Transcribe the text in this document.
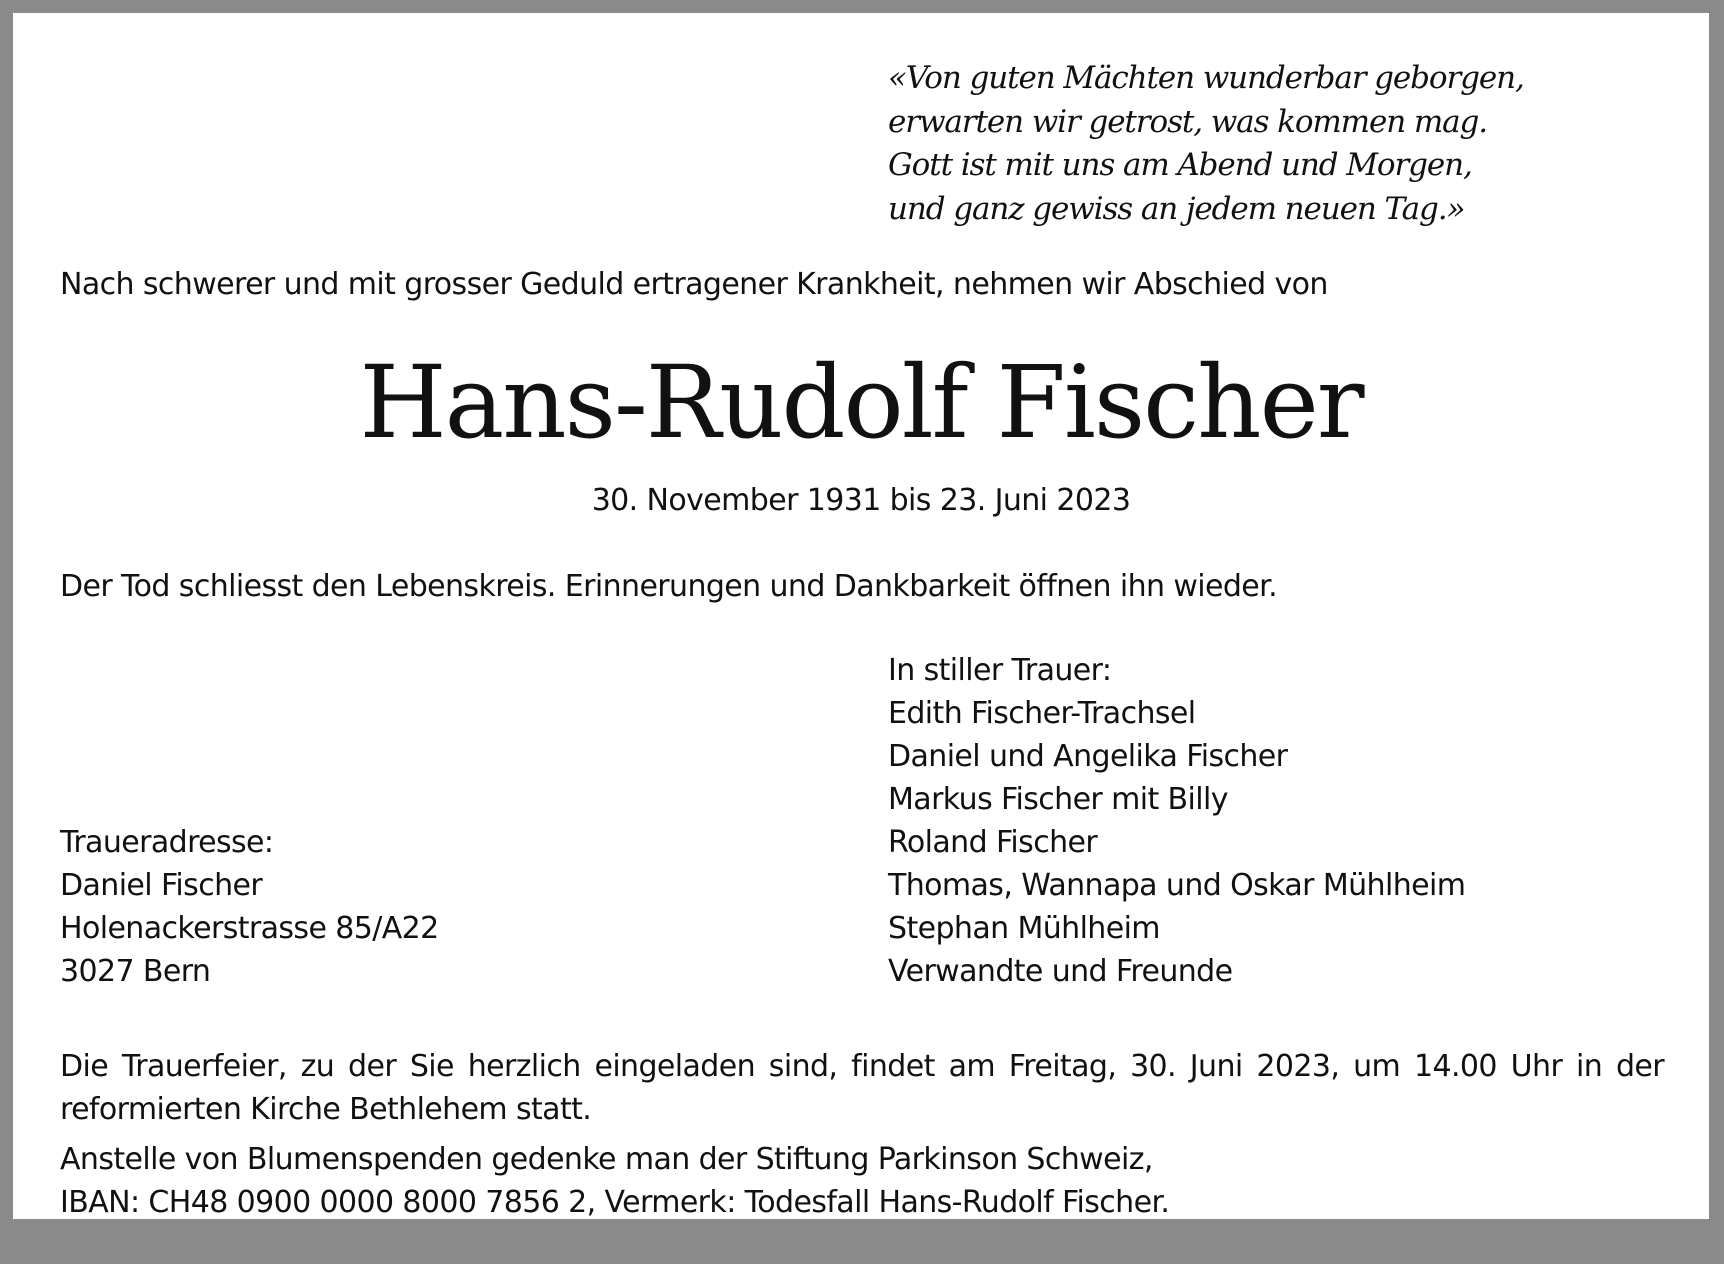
«Von guten Mächten wunderbar geborgen,
erwarten wir getrost, was kommen mag.
Gott ist mit uns am Abend und Morgen,
und ganz gewiss an jedem neuen Tag.»
Nach schwerer und mit grosser Geduld ertragener Krankheit, nehmen wir Abschied von
Hans-Rudolf Fischer
30. November 1931 bis 23. Juni 2023
Der Tod schliesst den Lebenskreis. Erinnerungen und Dankbarkeit öffnen ihn wieder.
In stiller Trauer:
Edith Fischer-Trachsel
Daniel und Angelika Fischer
Markus Fischer mit Billy
Roland Fischer
Thomas, Wannapa und Oskar Mühlheim
Stephan Mühlheim
Verwandte und Freunde
Traueradresse:
Daniel Fischer
Holenackerstrasse 85/A22
3027 Bern
Die Trauerfeier, zu der Sie herzlich eingeladen sind, findet am Freitag, 30. Juni 2023, um 14.00 Uhr in der reformierten Kirche Bethlehem statt.
Anstelle von Blumenspenden gedenke man der Stiftung Parkinson Schweiz,
IBAN: CH48 0900 0000 8000 7856 2, Vermerk: Todesfall Hans-Rudolf Fischer.
